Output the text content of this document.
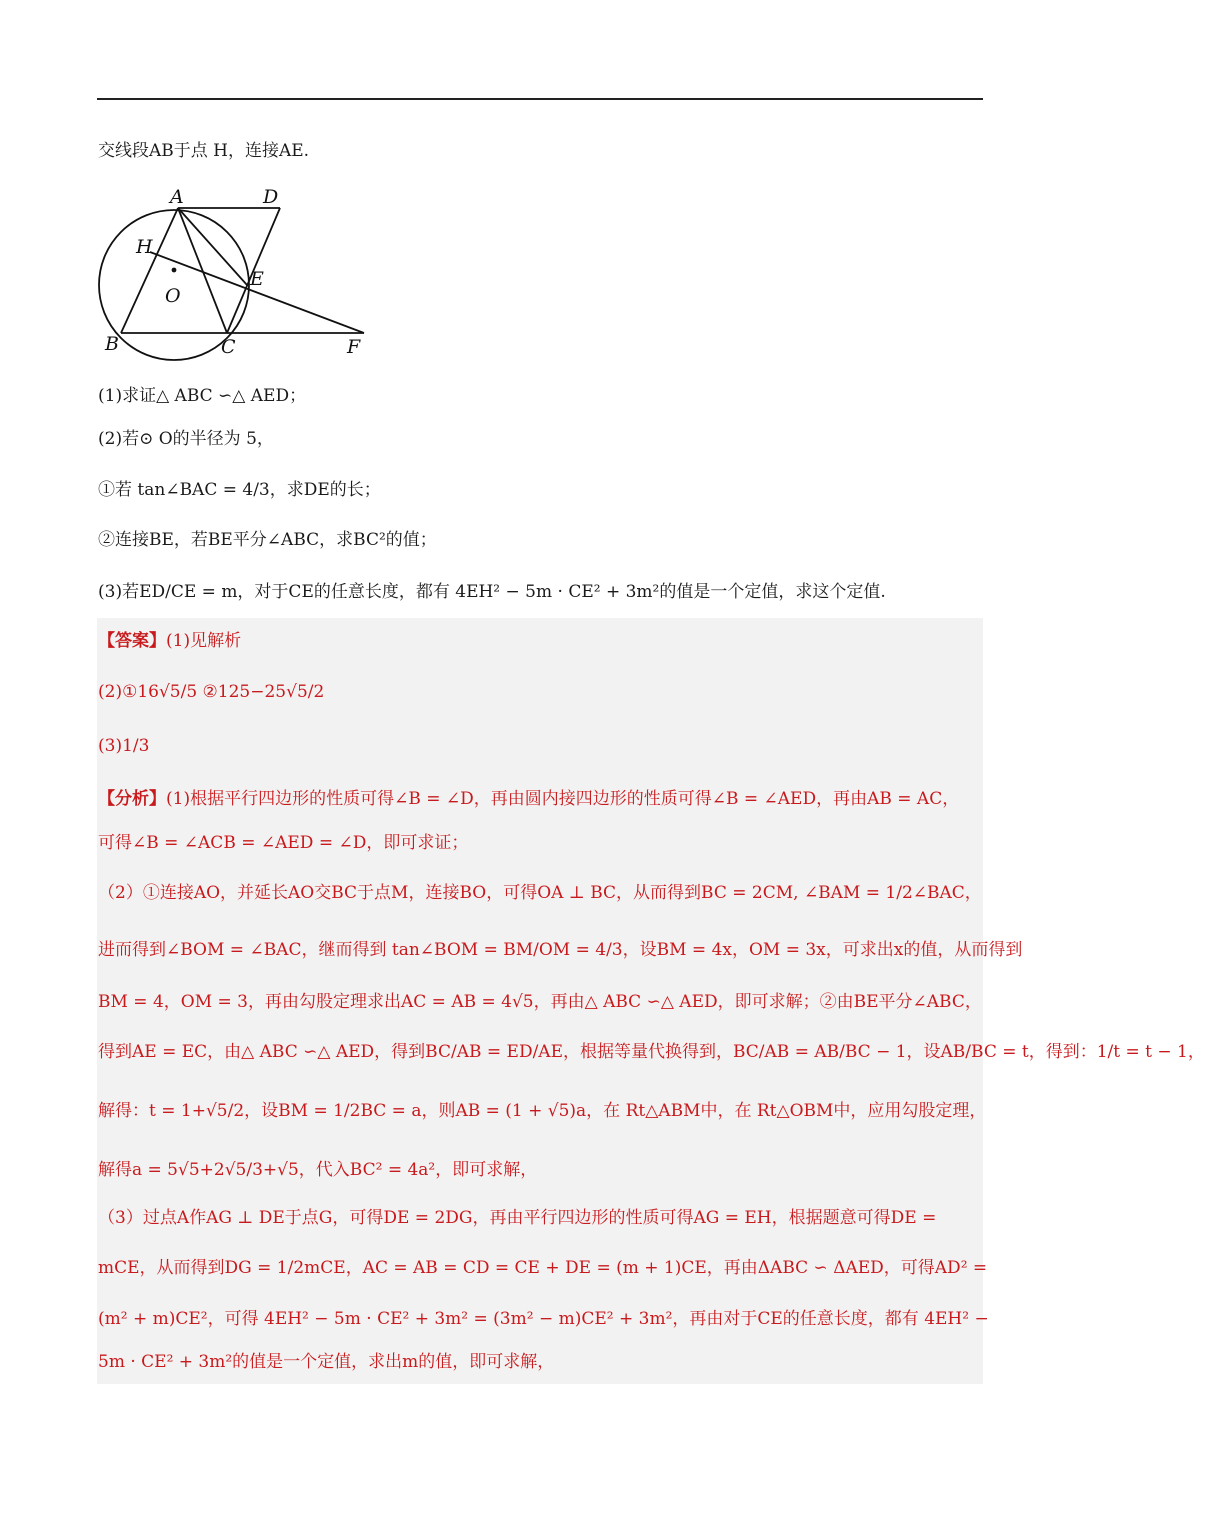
交线段AB于点 H，连接AE.
A	D
H
E
O
B	C	F
(1)求证△ ABC ∽△ AED；
(2)若⊙ O的半径为 5，
①若 tan∠BAC = 4/3，求DE的长；
②连接BE，若BE平分∠ABC，求BC²的值；
(3)若ED/CE = m，对于CE的任意长度，都有 4EH² − 5m · CE² + 3m²的值是一个定值，求这个定值.
【答案】(1)见解析
(2)①16√5/5 ②125−25√5/2
(3)1/3
【分析】(1)根据平行四边形的性质可得∠B = ∠D，再由圆内接四边形的性质可得∠B = ∠AED，再由AB = AC，
可得∠B = ∠ACB = ∠AED = ∠D，即可求证；
（2）①连接AO，并延长AO交BC于点M，连接BO，可得OA ⊥ BC，从而得到BC = 2CM, ∠BAM = 1/2∠BAC，
进而得到∠BOM = ∠BAC，继而得到 tan∠BOM = BM/OM = 4/3，设BM = 4x，OM = 3x，可求出x的值，从而得到
BM = 4，OM = 3，再由勾股定理求出AC = AB = 4√5，再由△ ABC ∽△ AED，即可求解；②由BE平分∠ABC，
得到AE = EC，由△ ABC ∽△ AED，得到BC/AB = ED/AE，根据等量代换得到，BC/AB = AB/BC − 1，设AB/BC = t，得到：1/t = t − 1，
解得：t = 1+√5/2，设BM = 1/2BC = a，则AB = (1 + √5)a，在 Rt△ABM中，在 Rt△OBM中，应用勾股定理，
解得a = 5√5+2√5/3+√5，代入BC² = 4a²，即可求解，
（3）过点A作AG ⊥ DE于点G，可得DE = 2DG，再由平行四边形的性质可得AG = EH，根据题意可得DE =
mCE，从而得到DG = 1/2mCE，AC = AB = CD = CE + DE = (m + 1)CE，再由ΔABC ∽ ΔAED，可得AD² =
(m² + m)CE²，可得 4EH² − 5m · CE² + 3m² = (3m² − m)CE² + 3m²，再由对于CE的任意长度，都有 4EH² −
5m · CE² + 3m²的值是一个定值，求出m的值，即可求解，
